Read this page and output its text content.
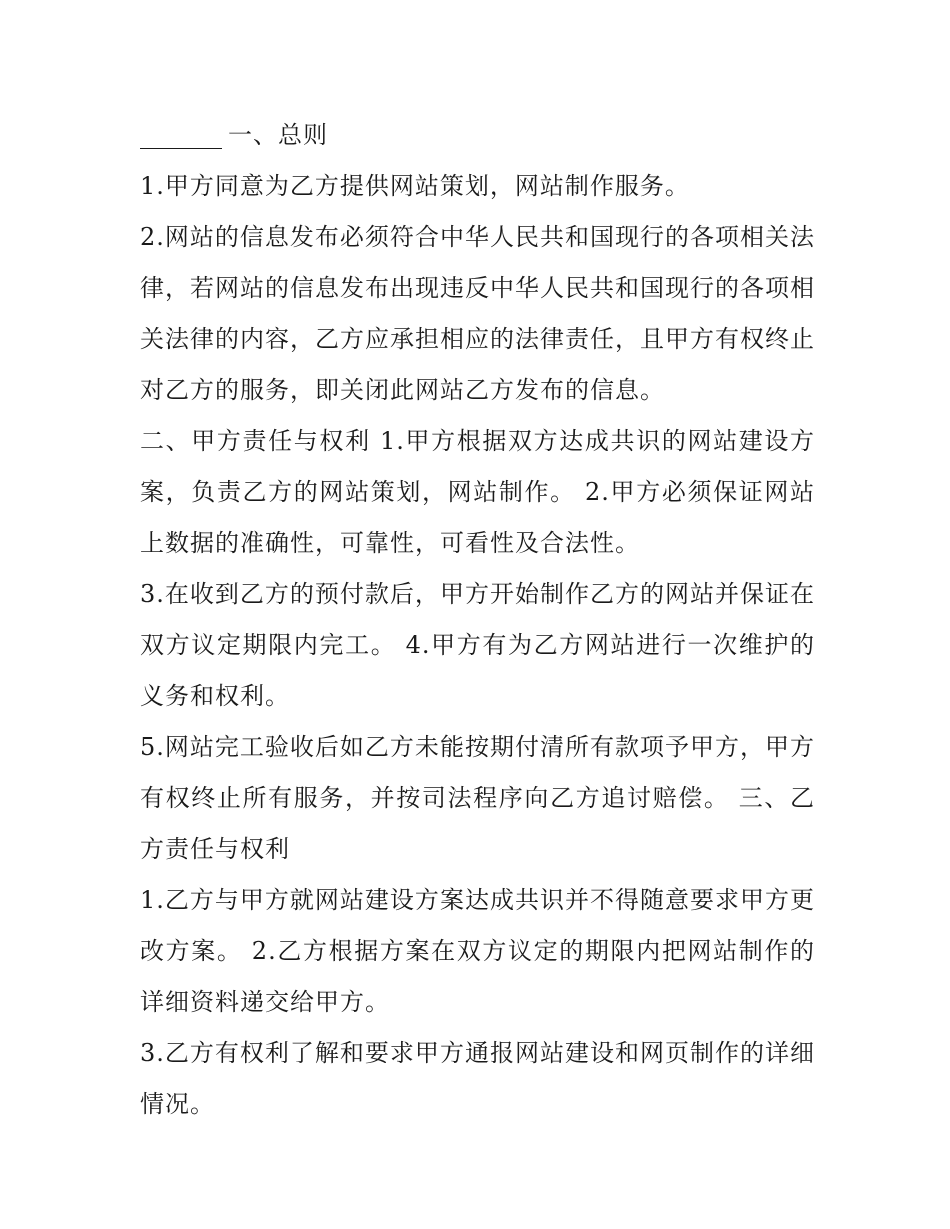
一、总则

1.甲方同意为乙方提供网站策划，网站制作服务。

2.网站的信息发布必须符合中华人民共和国现行的各项相关法律，若网站的信息发布出现违反中华人民共和国现行的各项相关法律的内容，乙方应承担相应的法律责任，且甲方有权终止对乙方的服务，即关闭此网站乙方发布的信息。

二、甲方责任与权利 1.甲方根据双方达成共识的网站建设方案，负责乙方的网站策划，网站制作。 2.甲方必须保证网站上数据的准确性，可靠性，可看性及合法性。

3.在收到乙方的预付款后，甲方开始制作乙方的网站并保证在双方议定期限内完工。 4.甲方有为乙方网站进行一次维护的义务和权利。

5.网站完工验收后如乙方未能按期付清所有款项予甲方，甲方有权终止所有服务，并按司法程序向乙方追讨赔偿。 三、乙方责任与权利

1.乙方与甲方就网站建设方案达成共识并不得随意要求甲方更改方案。 2.乙方根据方案在双方议定的期限内把网站制作的详细资料递交给甲方。

3.乙方有权利了解和要求甲方通报网站建设和网页制作的详细情况。
